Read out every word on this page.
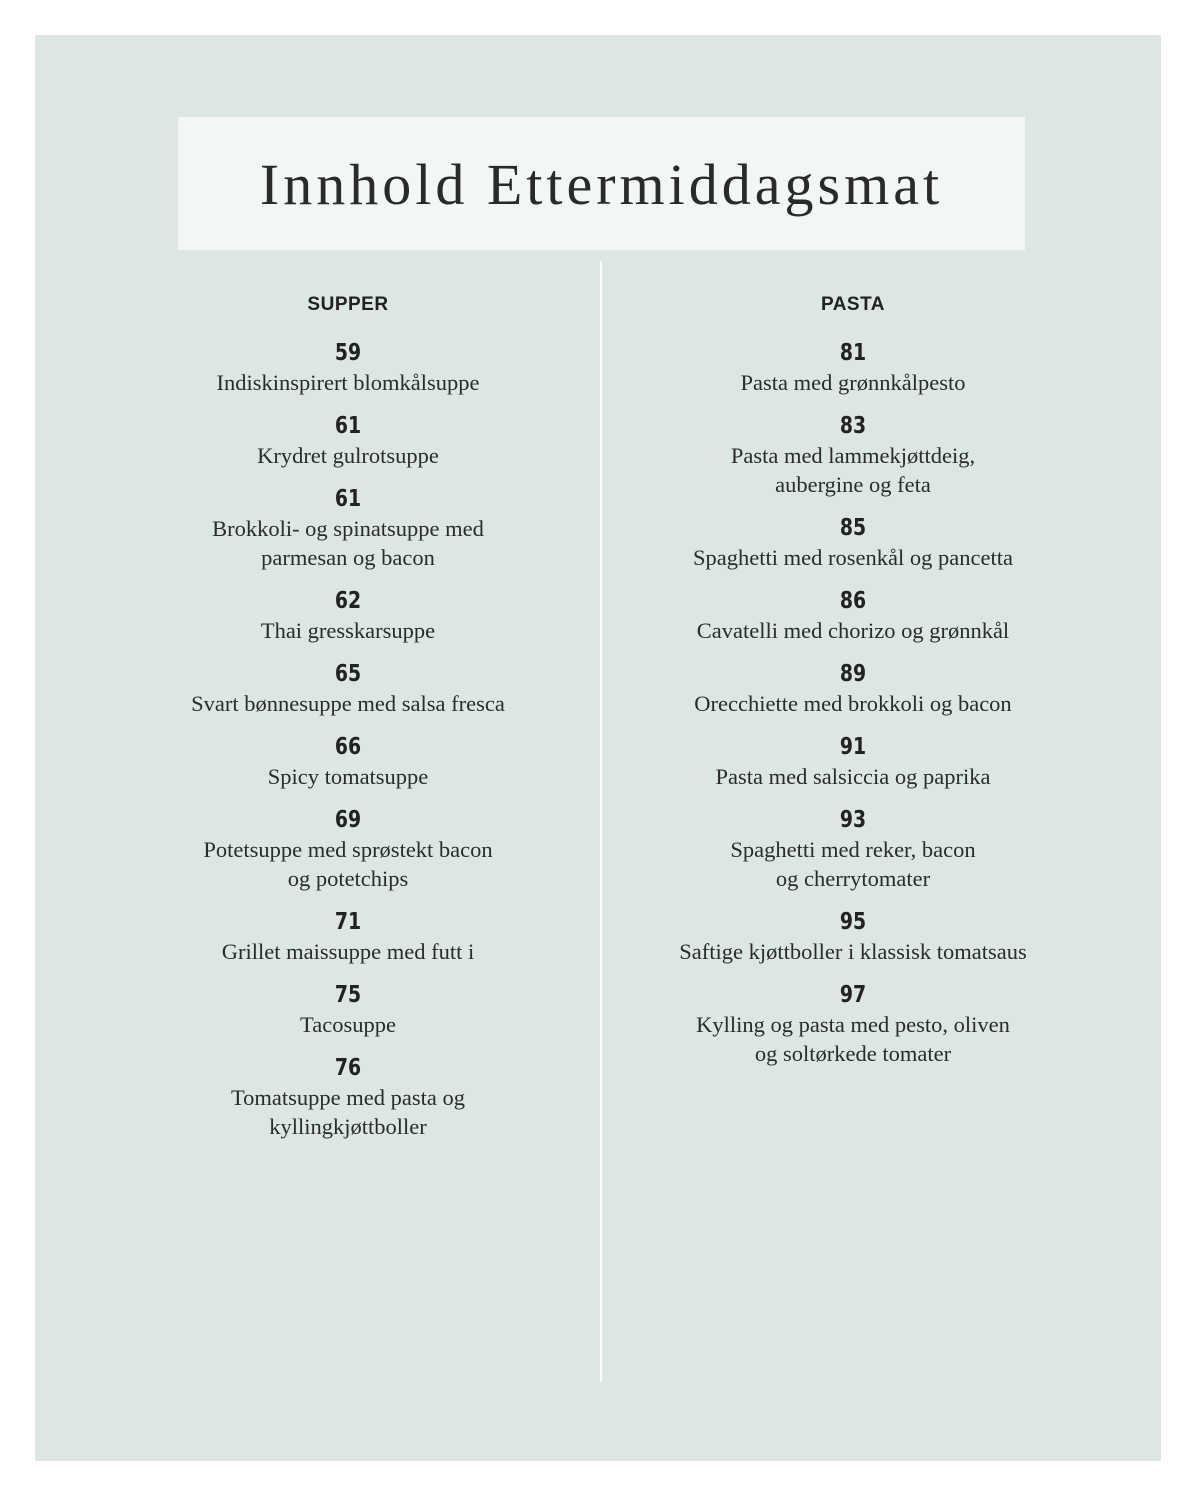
Innhold Ettermiddagsmat
SUPPER
59
Indiskinspirert blomkålsuppe
61
Krydret gulrotsuppe
61
Brokkoli- og spinatsuppe med
parmesan og bacon
62
Thai gresskarsuppe
65
Svart bønnesuppe med salsa fresca
66
Spicy tomatsuppe
69
Potetsuppe med sprøstekt bacon
og potetchips
71
Grillet maissuppe med futt i
75
Tacosuppe
76
Tomatsuppe med pasta og
kyllingkjøttboller
PASTA
81
Pasta med grønnkålpesto
83
Pasta med lammekjøttdeig,
aubergine og feta
85
Spaghetti med rosenkål og pancetta
86
Cavatelli med chorizo og grønnkål
89
Orecchiette med brokkoli og bacon
91
Pasta med salsiccia og paprika
93
Spaghetti med reker, bacon
og cherrytomater
95
Saftige kjøttboller i klassisk tomatsaus
97
Kylling og pasta med pesto, oliven
og soltørkede tomater
